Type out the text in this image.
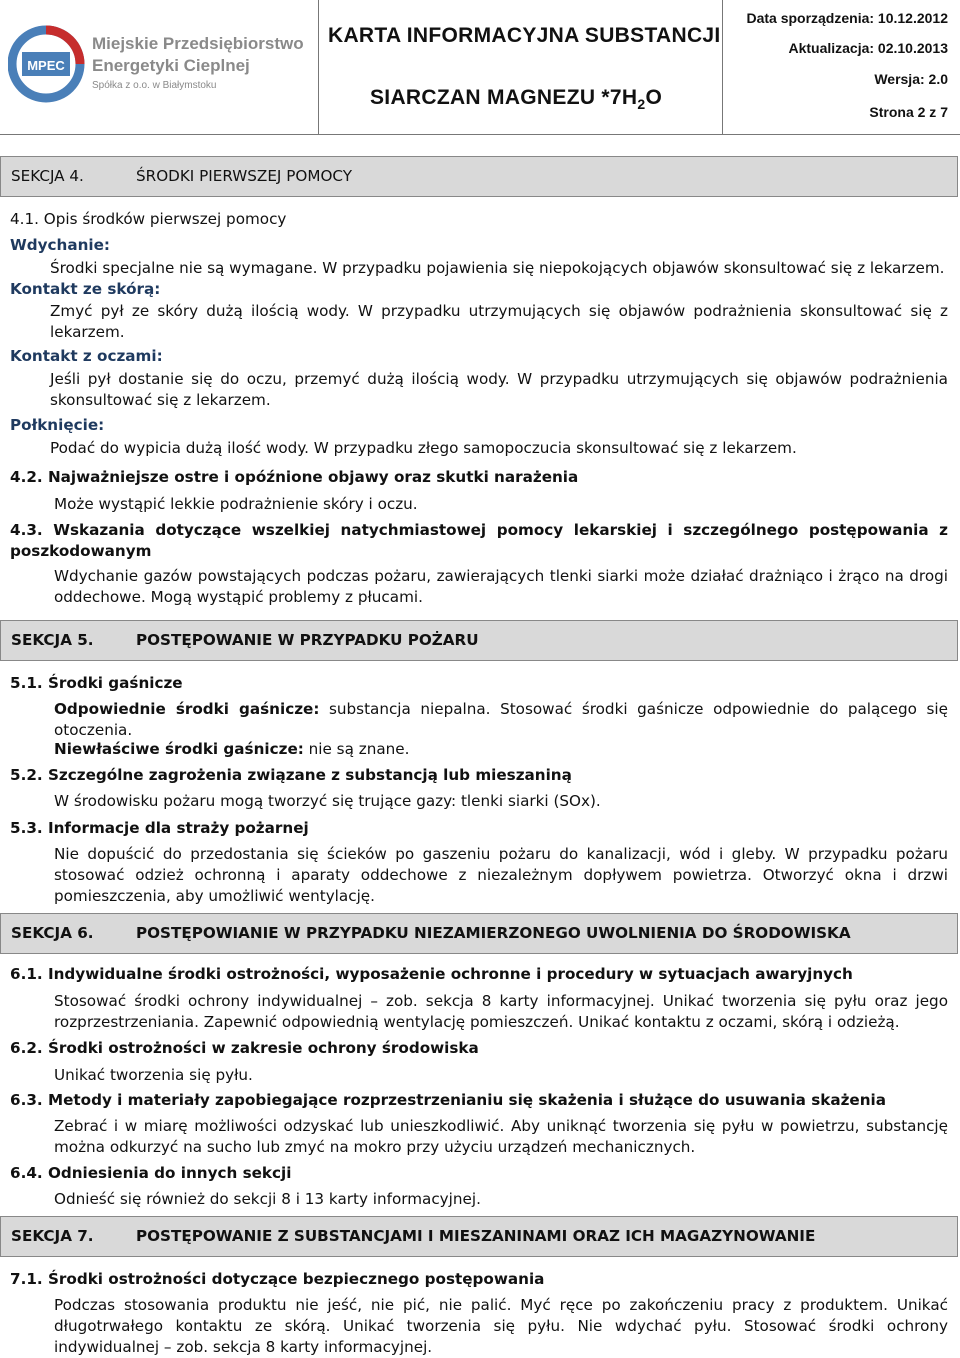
MPEC
Miejskie Przedsiębiorstwo
Energetyki Cieplnej
Spółka z o.o. w Białymstoku
KARTA INFORMACYJNA SUBSTANCJI
SIARCZAN MAGNEZU $*7H_2O$
Data sporządzenia: 10.12.2012
Aktualizacja: 02.10.2013
Wersja: 2.0
Strona 2 z 7
SEKCJA 4.	ŚRODKI PIERWSZEJ POMOCY
4.1. Opis środków pierwszej pomocy
Wdychanie:
Środki specjalne nie są wymagane. W przypadku pojawienia się niepokojących objawów skonsultować się z lekarzem.
Kontakt ze skórą:
Zmyć pył ze skóry dużą ilością wody. W przypadku utrzymujących się objawów podrażnienia skonsultować się z lekarzem.
Kontakt z oczami:
Jeśli pył dostanie się do oczu, przemyć dużą ilością wody. W przypadku utrzymujących się objawów podrażnienia skonsultować się z lekarzem.
Połknięcie:
Podać do wypicia dużą ilość wody. W przypadku złego samopoczucia skonsultować się z lekarzem.
4.2. Najważniejsze ostre i opóźnione objawy oraz skutki narażenia
Może wystąpić lekkie podrażnienie skóry i oczu.
4.3. Wskazania dotyczące wszelkiej natychmiastowej pomocy lekarskiej i szczególnego postępowania z poszkodowanym
Wdychanie gazów powstających podczas pożaru, zawierających tlenki siarki może działać drażniąco i żrąco na drogi oddechowe. Mogą wystąpić problemy z płucami.
SEKCJA 5.	POSTĘPOWANIE W PRZYPADKU POŻARU
5.1. Środki gaśnicze
Odpowiednie środki gaśnicze: substancja niepalna. Stosować środki gaśnicze odpowiednie do palącego się otoczenia.
Niewłaściwe środki gaśnicze: nie są znane.
5.2. Szczególne zagrożenia związane z substancją lub mieszaniną
W środowisku pożaru mogą tworzyć się trujące gazy: tlenki siarki (SOx).
5.3. Informacje dla straży pożarnej
Nie dopuścić do przedostania się ścieków po gaszeniu pożaru do kanalizacji, wód i gleby. W przypadku pożaru stosować odzież ochronną i aparaty oddechowe z niezależnym dopływem powietrza. Otworzyć okna i drzwi pomieszczenia, aby umożliwić wentylację.
SEKCJA 6.	POSTĘPOWIANIE W PRZYPADKU NIEZAMIERZONEGO UWOLNIENIA DO ŚRODOWISKA
6.1. Indywidualne środki ostrożności, wyposażenie ochronne i procedury w sytuacjach awaryjnych
Stosować środki ochrony indywidualnej – zob. sekcja 8 karty informacyjnej. Unikać tworzenia się pyłu oraz jego rozprzestrzeniania. Zapewnić odpowiednią wentylację pomieszczeń. Unikać kontaktu z oczami, skórą i odzieżą.
6.2. Środki ostrożności w zakresie ochrony środowiska
Unikać tworzenia się pyłu.
6.3. Metody i materiały zapobiegające rozprzestrzenianiu się skażenia i służące do usuwania skażenia
Zebrać i w miarę możliwości odzyskać lub unieszkodliwić. Aby uniknąć tworzenia się pyłu w powietrzu, substancję można odkurzyć na sucho lub zmyć na mokro przy użyciu urządzeń mechanicznych.
6.4. Odniesienia do innych sekcji
Odnieść się również do sekcji 8 i 13 karty informacyjnej.
SEKCJA 7.	POSTĘPOWANIE Z SUBSTANCJAMI I MIESZANINAMI ORAZ ICH MAGAZYNOWANIE
7.1. Środki ostrożności dotyczące bezpiecznego postępowania
Podczas stosowania produktu nie jeść, nie pić, nie palić. Myć ręce po zakończeniu pracy z produktem. Unikać długotrwałego kontaktu ze skórą. Unikać tworzenia się pyłu. Nie wdychać pyłu. Stosować środki ochrony indywidualnej – zob. sekcja 8 karty informacyjnej.
